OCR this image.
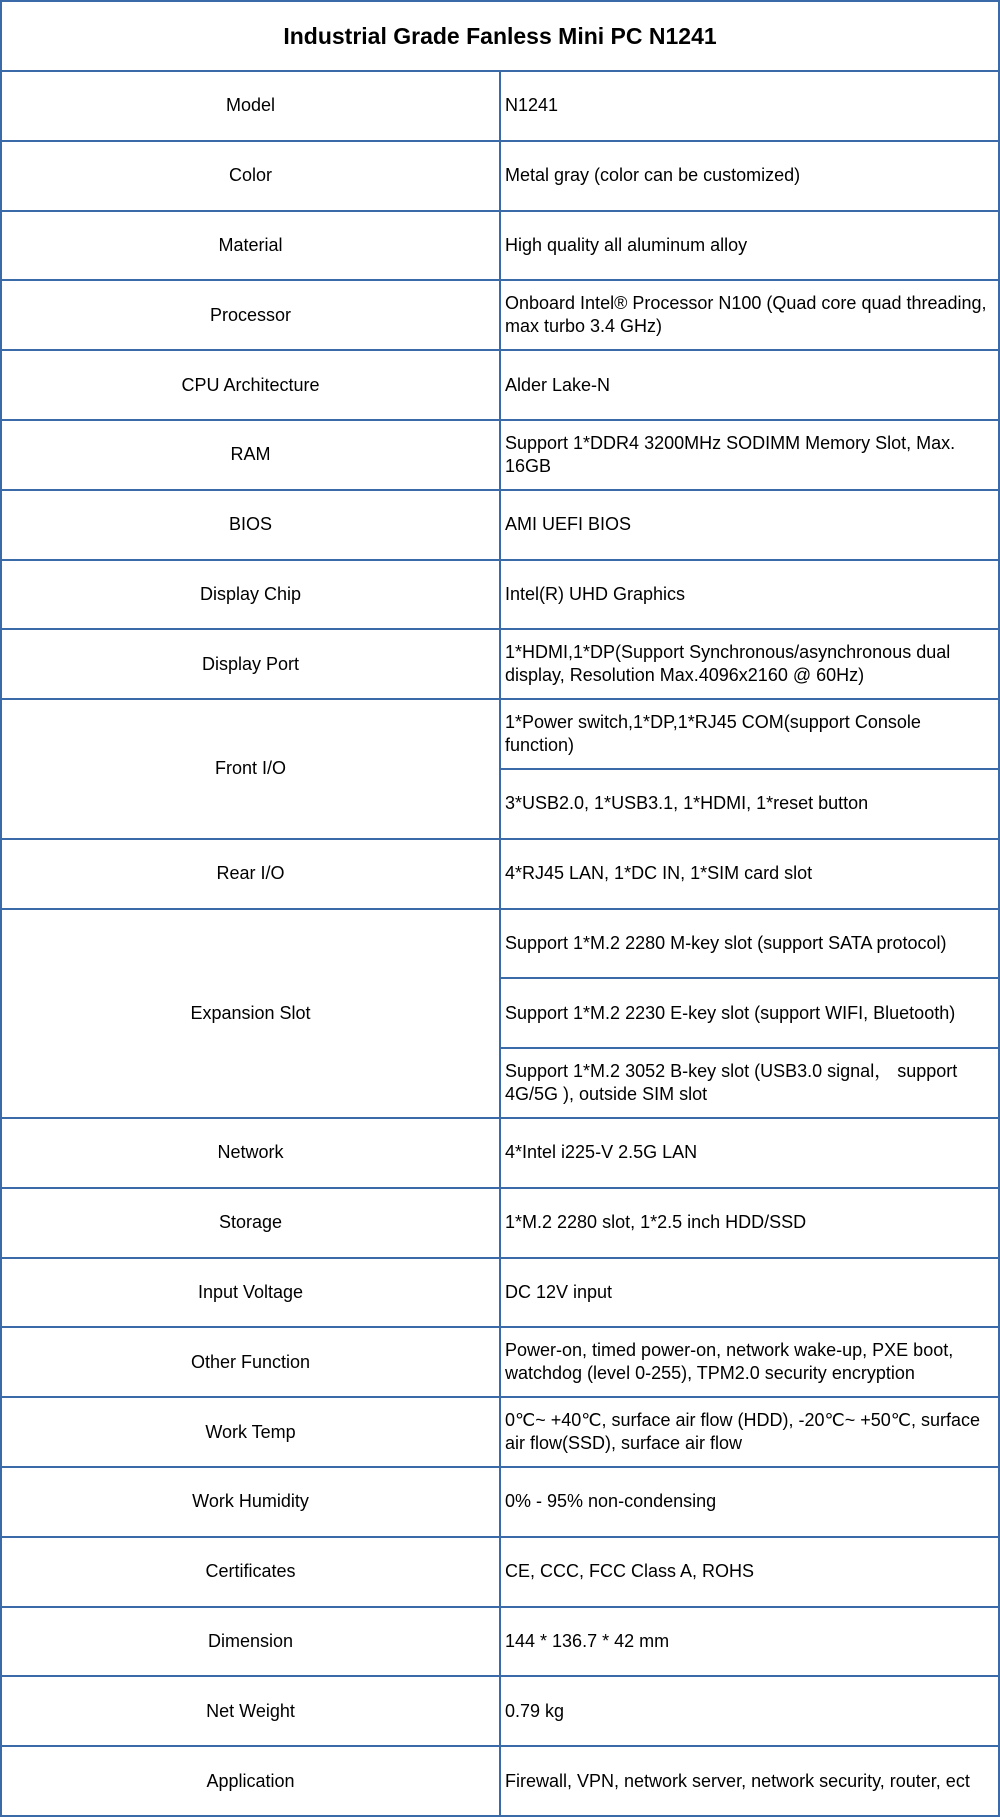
Industrial Grade Fanless Mini PC N1241	
Model	N1241
Color	Metal gray (color can be customized)
Material	High quality all aluminum alloy
Processor	Onboard Intel® Processor N100 (Quad core quad threading, max turbo 3.4 GHz)
CPU Architecture	Alder Lake-N
RAM	Support 1*DDR4 3200MHz SODIMM Memory Slot, Max. 16GB
BIOS	AMI UEFI BIOS
Display Chip	Intel(R) UHD Graphics
Display Port	1*HDMI,1*DP(Support Synchronous/asynchronous dual display, Resolution Max.4096x2160 @ 60Hz)
Front I/O	1*Power switch,1*DP,1*RJ45 COM(support Console function)
	3*USB2.0, 1*USB3.1, 1*HDMI, 1*reset button
Rear I/O	4*RJ45 LAN, 1*DC IN, 1*SIM card slot
Expansion Slot	Support 1*M.2 2280 M-key slot (support SATA protocol)
	Support 1*M.2 2230 E-key slot (support WIFI, Bluetooth)
	Support 1*M.2 3052 B-key slot (USB3.0 signal， support 4G/5G ), outside SIM slot
Network	4*Intel i225-V 2.5G LAN
Storage	1*M.2 2280 slot, 1*2.5 inch HDD/SSD
Input Voltage	DC 12V input
Other Function	Power-on, timed power-on, network wake-up, PXE boot, watchdog (level 0-255), TPM2.0 security encryption
Work Temp	0℃~ +40℃, surface air flow (HDD), -20℃~ +50℃, surface air flow(SSD), surface air flow
Work Humidity	0% - 95% non-condensing
Certificates	CE, CCC, FCC Class A, ROHS
Dimension	144 * 136.7 * 42 mm
Net Weight	0.79 kg
Application	Firewall, VPN, network server, network security, router, ect
